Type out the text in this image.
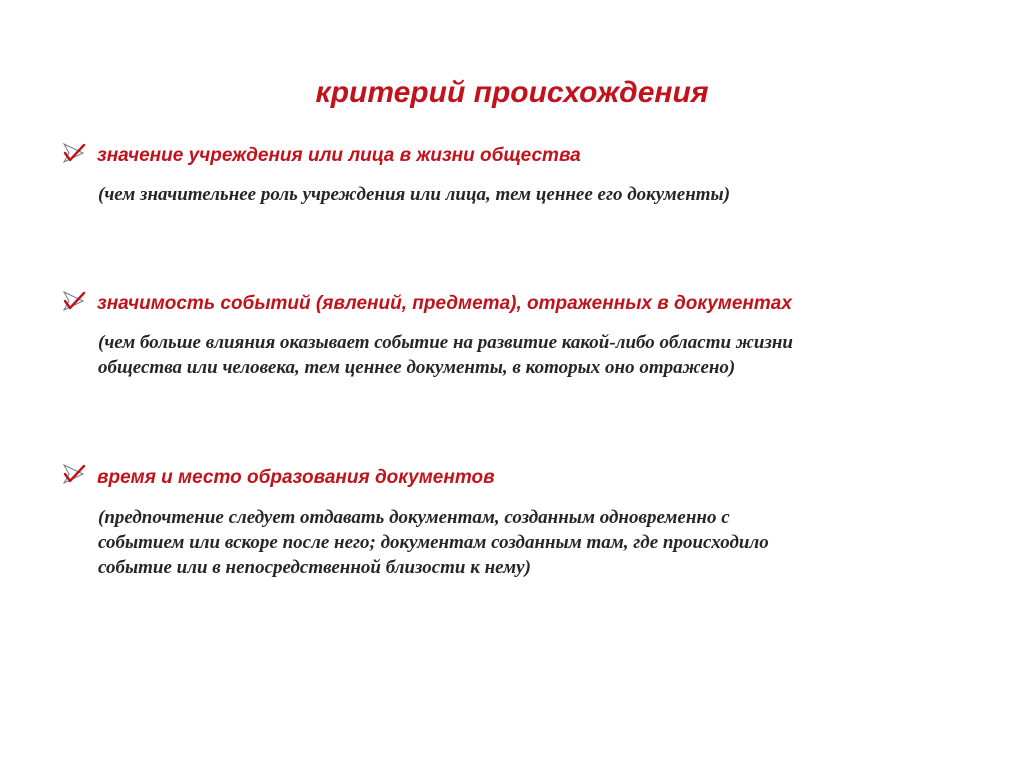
критерий происхождения
значение учреждения или лица в жизни общества
(чем значительнее роль учреждения или лица, тем ценнее его документы)
значимость событий (явлений, предмета), отраженных в документах
(чем больше влияния оказывает событие на развитие какой-либо области жизни
общества или человека, тем ценнее документы, в которых оно отражено)
время и место образования документов
(предпочтение следует отдавать документам, созданным одновременно с
событием или вскоре после него; документам созданным там, где происходило
событие или в непосредственной близости к нему)
